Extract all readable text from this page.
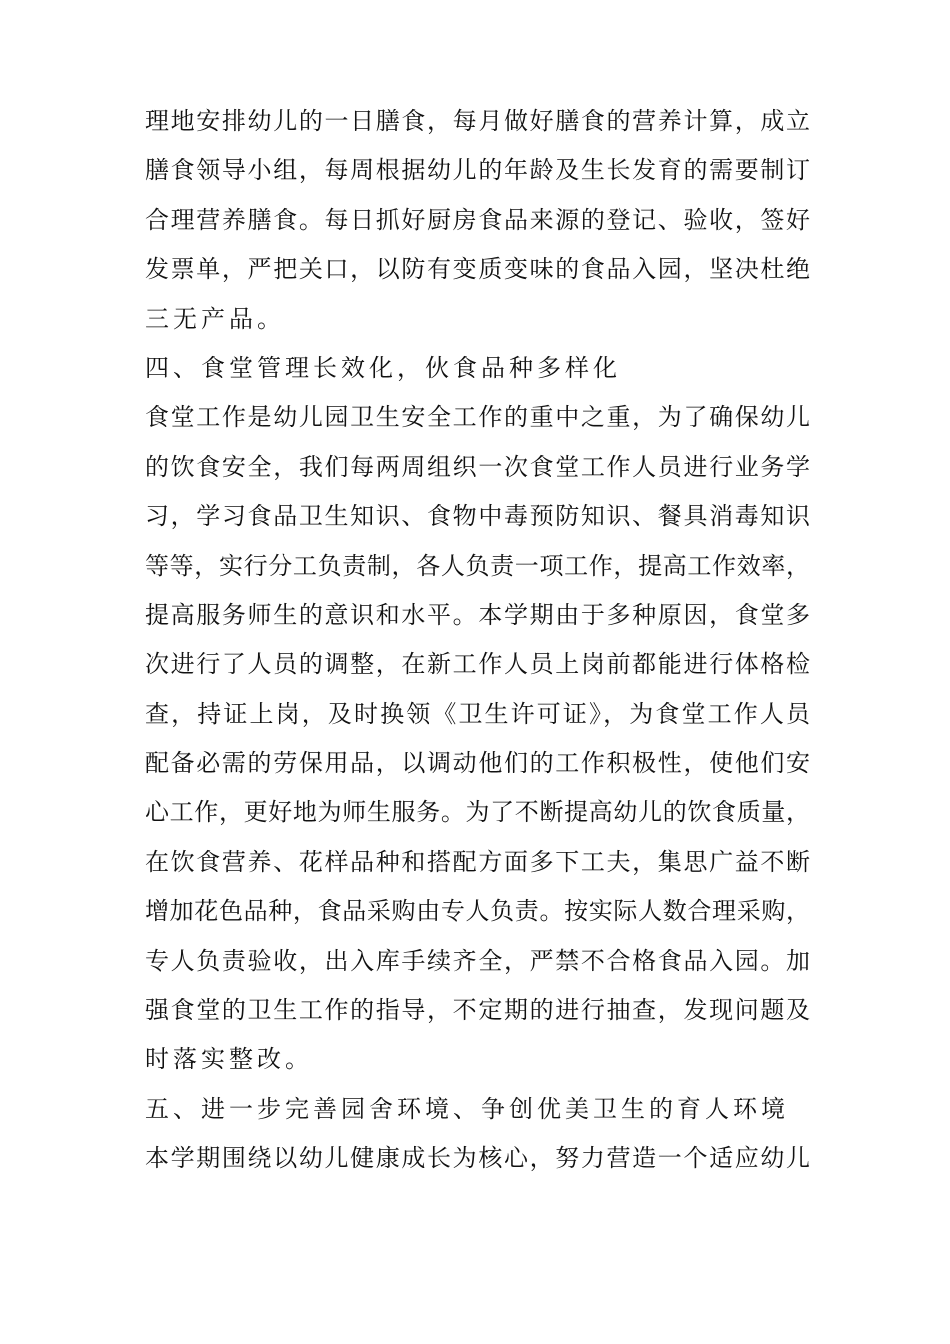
理地安排幼儿的一日膳食，每月做好膳食的营养计算，成立
膳食领导小组，每周根据幼儿的年龄及生长发育的需要制订
合理营养膳食。每日抓好厨房食品来源的登记、验收，签好
发票单，严把关口，以防有变质变味的食品入园，坚决杜绝
三无产品。
四、食堂管理长效化，伙食品种多样化
食堂工作是幼儿园卫生安全工作的重中之重，为了确保幼儿
的饮食安全，我们每两周组织一次食堂工作人员进行业务学
习，学习食品卫生知识、食物中毒预防知识、餐具消毒知识
等等，实行分工负责制，各人负责一项工作，提高工作效率，
提高服务师生的意识和水平。本学期由于多种原因，食堂多
次进行了人员的调整，在新工作人员上岗前都能进行体格检
查，持证上岗，及时换领《卫生许可证》，为食堂工作人员
配备必需的劳保用品，以调动他们的工作积极性，使他们安
心工作，更好地为师生服务。为了不断提高幼儿的饮食质量，
在饮食营养、花样品种和搭配方面多下工夫，集思广益不断
增加花色品种，食品采购由专人负责。按实际人数合理采购，
专人负责验收，出入库手续齐全，严禁不合格食品入园。加
强食堂的卫生工作的指导，不定期的进行抽查，发现问题及
时落实整改。
五、进一步完善园舍环境、争创优美卫生的育人环境
本学期围绕以幼儿健康成长为核心，努力营造一个适应幼儿
